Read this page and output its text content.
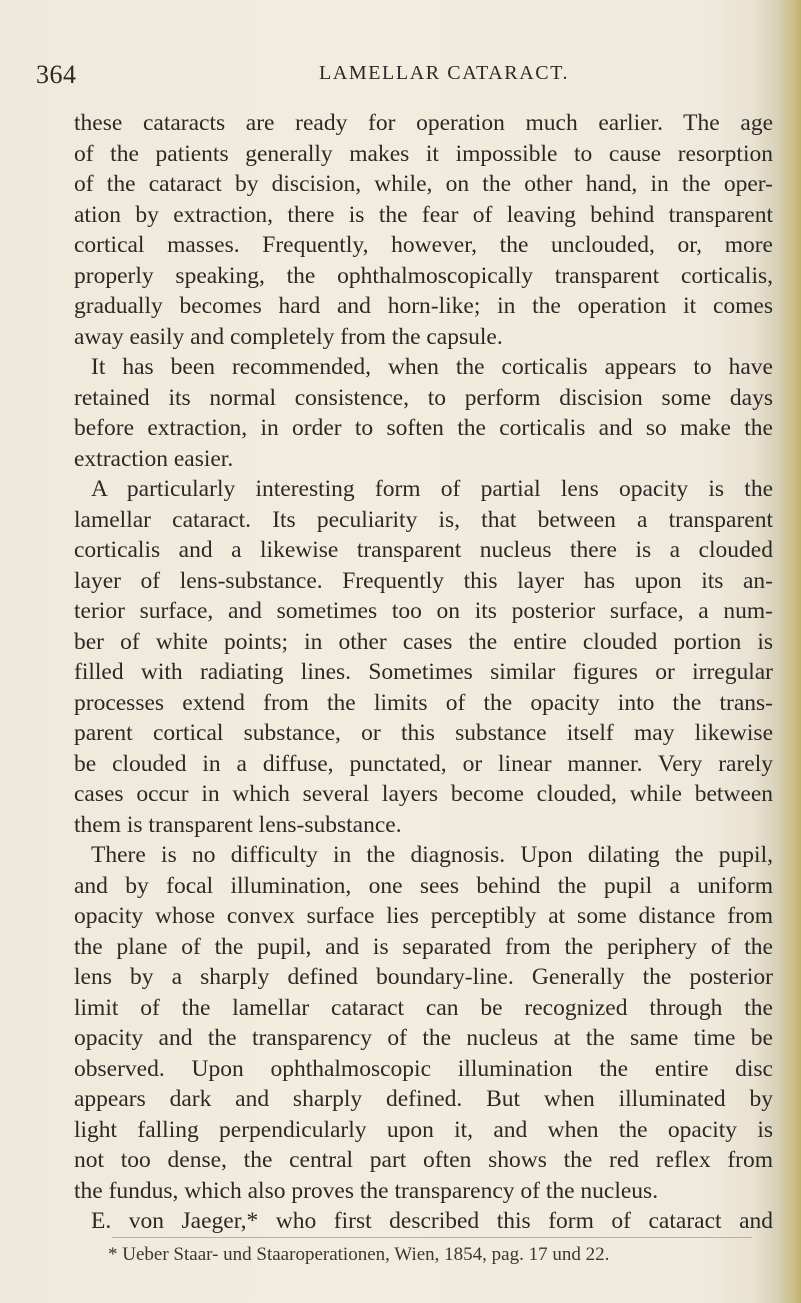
364	LAMELLAR CATARACT.
these cataracts are ready for operation much earlier. The age
of the patients generally makes it impossible to cause resorption
of the cataract by discision, while, on the other hand, in the oper-
ation by extraction, there is the fear of leaving behind transparent
cortical masses. Frequently, however, the unclouded, or, more
properly speaking, the ophthalmoscopically transparent corticalis,
gradually becomes hard and horn-like; in the operation it comes
away easily and completely from the capsule.
It has been recommended, when the corticalis appears to have
retained its normal consistence, to perform discision some days
before extraction, in order to soften the corticalis and so make the
extraction easier.
A particularly interesting form of partial lens opacity is the
lamellar cataract. Its peculiarity is, that between a transparent
corticalis and a likewise transparent nucleus there is a clouded
layer of lens-substance. Frequently this layer has upon its an-
terior surface, and sometimes too on its posterior surface, a num-
ber of white points; in other cases the entire clouded portion is
filled with radiating lines. Sometimes similar figures or irregular
processes extend from the limits of the opacity into the trans-
parent cortical substance, or this substance itself may likewise
be clouded in a diffuse, punctated, or linear manner. Very rarely
cases occur in which several layers become clouded, while between
them is transparent lens-substance.
There is no difficulty in the diagnosis. Upon dilating the pupil,
and by focal illumination, one sees behind the pupil a uniform
opacity whose convex surface lies perceptibly at some distance from
the plane of the pupil, and is separated from the periphery of the
lens by a sharply defined boundary-line. Generally the posterior
limit of the lamellar cataract can be recognized through the
opacity and the transparency of the nucleus at the same time be
observed. Upon ophthalmoscopic illumination the entire disc
appears dark and sharply defined. But when illuminated by
light falling perpendicularly upon it, and when the opacity is
not too dense, the central part often shows the red reflex from
the fundus, which also proves the transparency of the nucleus.
E. von Jaeger,* who first described this form of cataract and
* Ueber Staar- und Staaroperationen, Wien, 1854, pag. 17 und 22.
